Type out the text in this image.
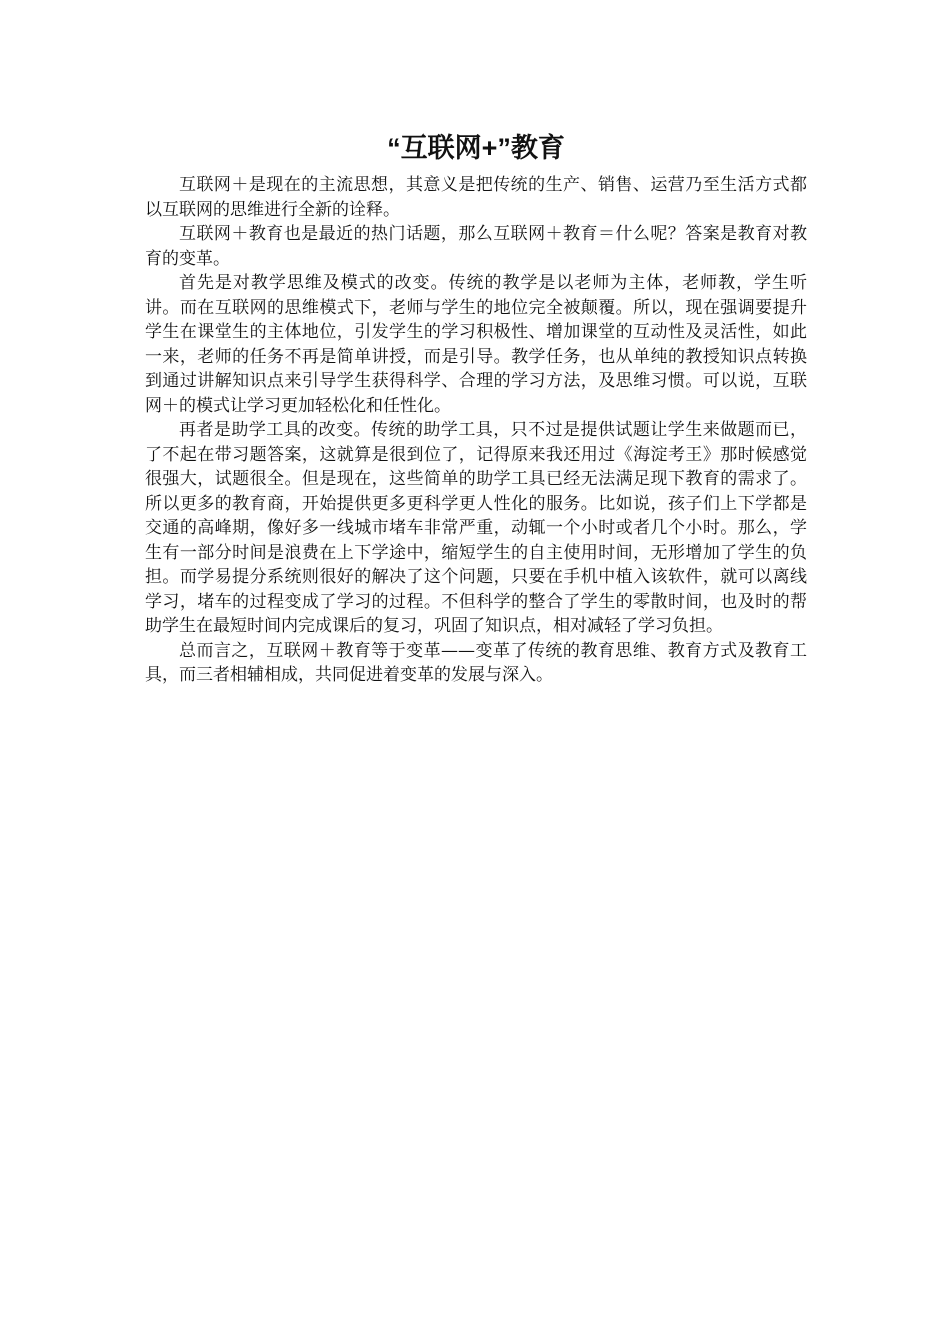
“互联网+”教育

互联网＋是现在的主流思想，其意义是把传统的生产、销售、运营乃至生活方式都以互联网的思维进行全新的诠释。

互联网＋教育也是最近的热门话题，那么互联网＋教育＝什么呢？答案是教育对教育的变革。

首先是对教学思维及模式的改变。传统的教学是以老师为主体，老师教，学生听讲。而在互联网的思维模式下，老师与学生的地位完全被颠覆。所以，现在强调要提升学生在课堂生的主体地位，引发学生的学习积极性、增加课堂的互动性及灵活性，如此一来，老师的任务不再是简单讲授，而是引导。教学任务，也从单纯的教授知识点转换到通过讲解知识点来引导学生获得科学、合理的学习方法，及思维习惯。可以说，互联网＋的模式让学习更加轻松化和任性化。

再者是助学工具的改变。传统的助学工具，只不过是提供试题让学生来做题而已，了不起在带习题答案，这就算是很到位了，记得原来我还用过《海淀考王》那时候感觉很强大，试题很全。但是现在，这些简单的助学工具已经无法满足现下教育的需求了。所以更多的教育商，开始提供更多更科学更人性化的服务。比如说，孩子们上下学都是交通的高峰期，像好多一线城市堵车非常严重，动辄一个小时或者几个小时。那么，学生有一部分时间是浪费在上下学途中，缩短学生的自主使用时间，无形增加了学生的负担。而学易提分系统则很好的解决了这个问题，只要在手机中植入该软件，就可以离线学习，堵车的过程变成了学习的过程。不但科学的整合了学生的零散时间，也及时的帮助学生在最短时间内完成课后的复习，巩固了知识点，相对减轻了学习负担。

总而言之，互联网＋教育等于变革——变革了传统的教育思维、教育方式及教育工具，而三者相辅相成，共同促进着变革的发展与深入。
